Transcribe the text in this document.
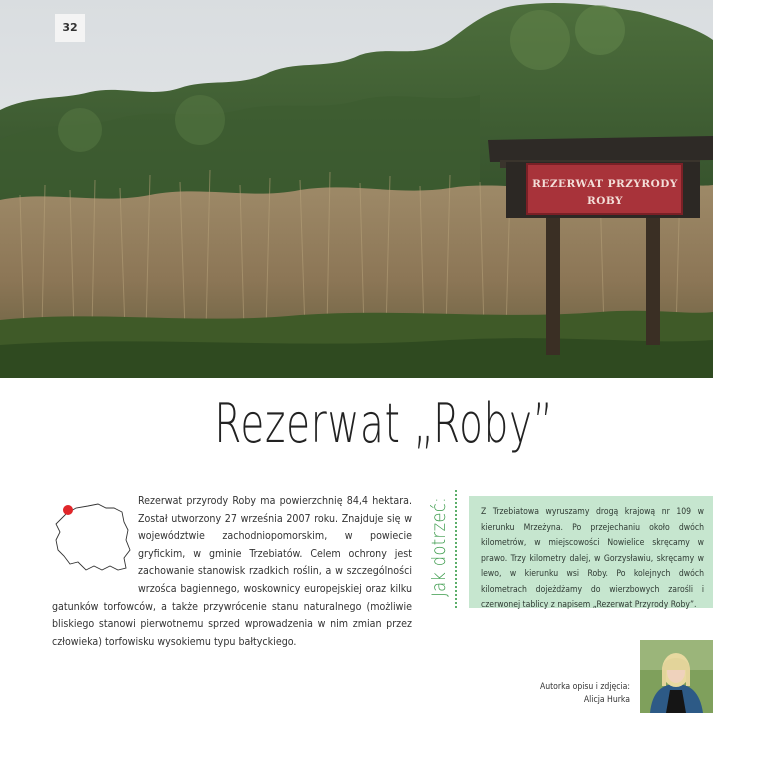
REZERWAT PRZYRODY
ROBY
32
Rezerwat „Roby”

Rezerwat przyrody Roby ma powierzchnię 84,4 hektara. Został utworzony 27 września 2007 roku. Znajduje się w województwie zachodniopomorskim, w powiecie gryfickim, w gminie Trzebiatów. Celem ochrony jest zachowanie stanowisk rzadkich roślin, a w szczególności wrzośca bagiennego, woskownicy europejskiej oraz kilku gatunków torfowców, a także przywrócenie stanu naturalnego (możliwie bliskiego stanowi pierwotnemu sprzed wprowadzenia w nim zmian przez człowieka) torfowisku wysokiemu typu bałtyckiego.

Jak dotrzeć:	Z Trzebiatowa wyruszamy drogą krajową nr 109 w kierunku Mrzeżyna. Po przejechaniu około dwóch kilometrów, w miejscowości Nowielice skręcamy w prawo. Trzy kilometry dalej, w Gorzysławiu, skręcamy w lewo, w kierunku wsi Roby. Po kolejnych dwóch kilometrach dojeżdżamy do wierzbowych zarośli i czerwonej tablicy z napisem „Rezerwat Przyrody Roby”.
Autorka opisu i zdjęcia:
Alicja Hurka
